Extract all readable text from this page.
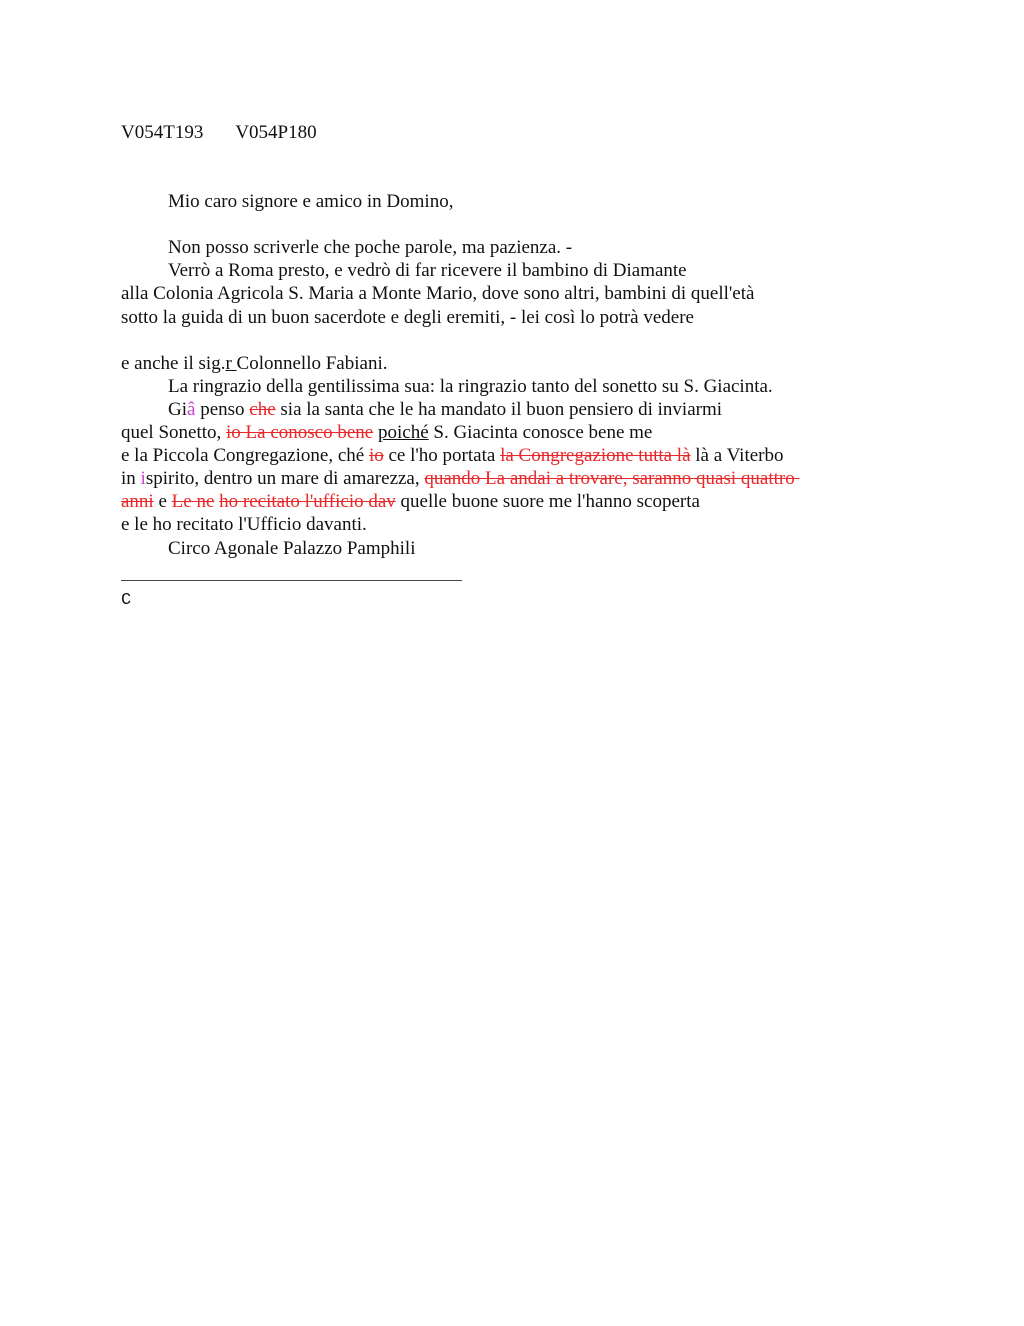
V054T193 V054P180
Mio caro signore e amico in Domino,
Non posso scriverle che poche parole, ma pazienza. -
Verrò a Roma presto, e vedrò di far ricevere il bambino di Diamante
alla Colonia Agricola S. Maria a Monte Mario, dove sono altri, bambini di quell'età
sotto la guida di un buon sacerdote e degli eremiti, - lei così lo potrà vedere
e anche il sig.r Colonnello Fabiani.
La ringrazio della gentilissima sua: la ringrazio tanto del sonetto su S. Giacinta.
Giâ penso che sia la santa che le ha mandato il buon pensiero di inviarmi
quel Sonetto, io La conosco bene poiché S. Giacinta conosce bene me
e la Piccola Congregazione, ché io ce l'ho portata la Congregazione tutta là là a Viterbo
in ispirito, dentro un mare di amarezza, quando La andai a trovare, saranno quasi quattro
anni e Le ne ho recitato l'ufficio dav quelle buone suore me l'hanno scoperta
e le ho recitato l'Ufficio davanti.
Circo Agonale Palazzo Pamphili
C
